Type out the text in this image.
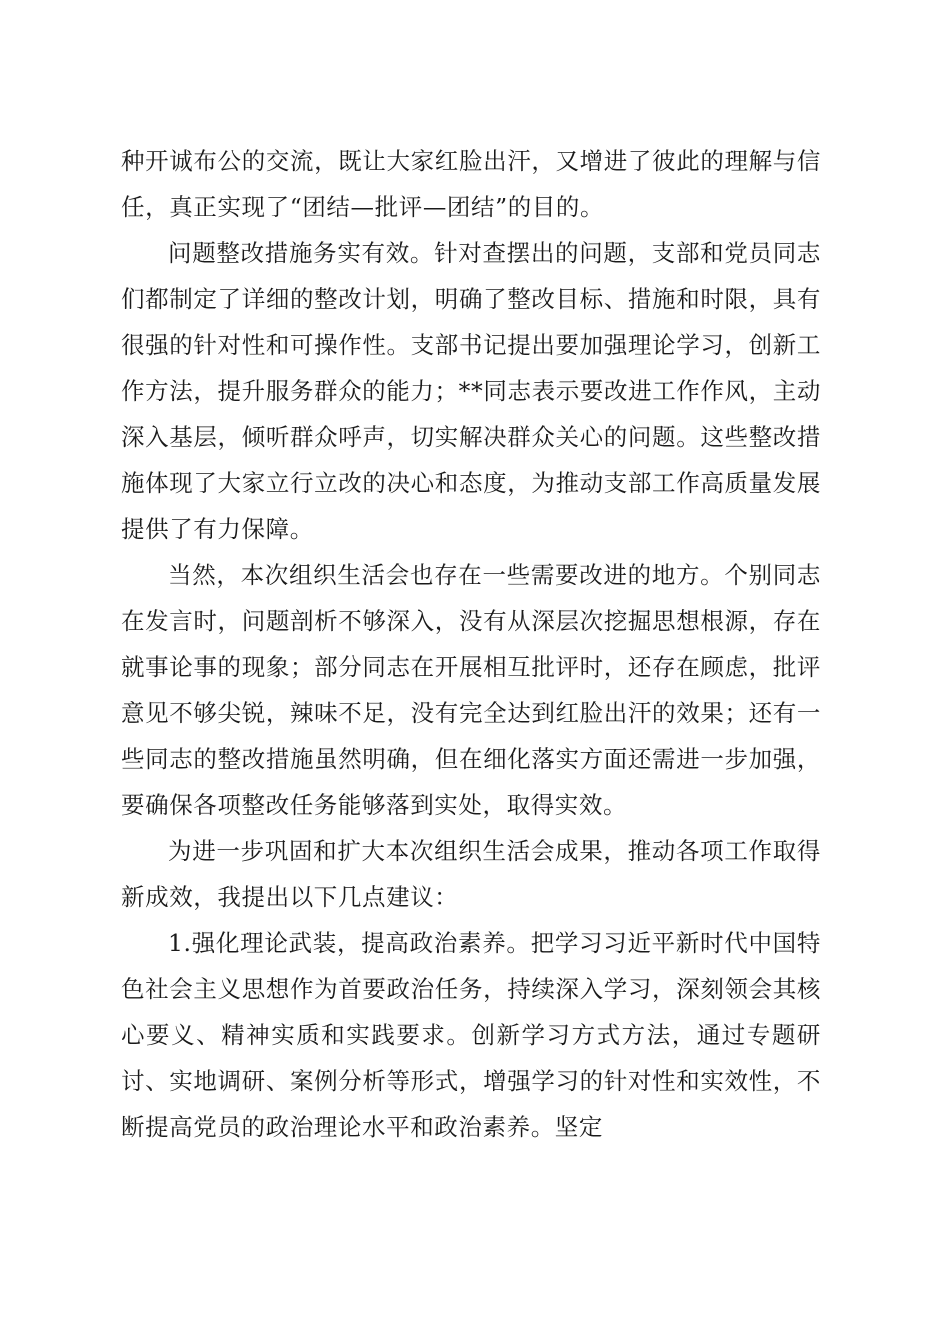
种开诚布公的交流，既让大家红脸出汗，又增进了彼此的理解与信任，真正实现了“团结—批评—团结”的目的。

问题整改措施务实有效。针对查摆出的问题，支部和党员同志们都制定了详细的整改计划，明确了整改目标、措施和时限，具有很强的针对性和可操作性。支部书记提出要加强理论学习，创新工作方法，提升服务群众的能力；**同志表示要改进工作作风，主动深入基层，倾听群众呼声，切实解决群众关心的问题。这些整改措施体现了大家立行立改的决心和态度，为推动支部工作高质量发展提供了有力保障。

当然，本次组织生活会也存在一些需要改进的地方。个别同志在发言时，问题剖析不够深入，没有从深层次挖掘思想根源，存在就事论事的现象；部分同志在开展相互批评时，还存在顾虑，批评意见不够尖锐，辣味不足，没有完全达到红脸出汗的效果；还有一些同志的整改措施虽然明确，但在细化落实方面还需进一步加强，要确保各项整改任务能够落到实处，取得实效。

为进一步巩固和扩大本次组织生活会成果，推动各项工作取得新成效，我提出以下几点建议：

1.强化理论武装，提高政治素养。把学习习近平新时代中国特色社会主义思想作为首要政治任务，持续深入学习，深刻领会其核心要义、精神实质和实践要求。创新学习方式方法，通过专题研讨、实地调研、案例分析等形式，增强学习的针对性和实效性，不断提高党员的政治理论水平和政治素养。坚定
